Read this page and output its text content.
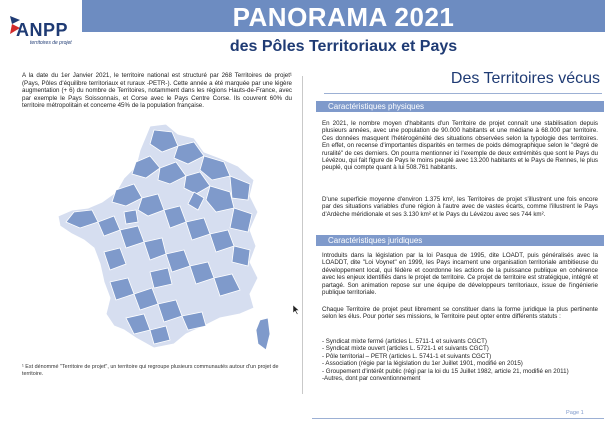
ANPP
territoires de projet
PANORAMA 2021
des Pôles Territoriaux et Pays
A la date du 1er Janvier 2021, le territoire national est structuré par 268 Territoires de projet¹ (Pays, Pôles d'équilibre territoriaux et ruraux -PETR-). Cette année a été marquée par une légère augmentation (+ 6) du nombre de Territoires, notamment dans les régions Hauts-de-France, avec par exemple le Pays Soissonnais, et Corse avec le Pays Centre Corse. Ils couvrent 60% du territoire métropolitain et concerne 45% de la population française.
¹ Est dénommé "Territoire de projet", un territoire qui regroupe plusieurs communautés autour d'un projet de territoire.
Des Territoires vécus
Caractéristiques physiques
En 2021, le nombre moyen d'habitants d'un Territoire de projet connaît une stabilisation depuis plusieurs années, avec une population de 90.000 habitants et une médiane à 68.000 par territoire. Ces données masquent l'hétérogénéité des situations observées selon la typologie des territoires. En effet, on recense d'importantes disparités en termes de poids démographique selon le "degré de ruralité" de ces derniers. On pourra mentionner ici l'exemple de deux extrémités que sont le Pays du Lévézou, qui fait figure de Pays le moins peuplé avec 13.200 habitants et le Pays de Rennes, le plus peuplé, qui compte quant à lui 508.761 habitants.
D'une superficie moyenne d'environ 1.375 km², les Territoires de projet s'illustrent une fois encore par des situations variables d'une région à l'autre avec de vastes écarts, comme l'illustrent le Pays d'Ardèche méridionale et ses 3.130 km² et le Pays du Lévézou avec ses 744 km².
Caractéristiques juridiques
Introduits dans la législation par la loi Pasqua de 1995, dite LOADT, puis généralisés avec la LOADDT, dite "Loi Voynet" en 1999, les Pays incarnent une organisation territoriale ambitieuse du développement local, qui fédère et coordonne les actions de la puissance publique en cohérence avec les enjeux identifiés dans le projet de territoire. Ce projet de territoire est stratégique, intégré et partagé. Son animation repose sur une équipe de développeurs territoriaux, issue de l'ingénierie publique territoriale.
Chaque Territoire de projet peut librement se constituer dans la forme juridique la plus pertinente selon les élus. Pour porter ses missions, le Territoire peut opter entre différents statuts :
- Syndicat mixte fermé (articles L. 5711-1 et suivants CGCT)
- Syndicat mixte ouvert (articles L. 5721-1 et suivants CGCT)
- Pôle territorial – PETR (articles L. 5741-1 et suivants CGCT)
- Association (régie par la législation du 1er Juillet 1901, modifié en 2015)
- Groupement d'intérêt public (régi par la loi du 15 Juillet 1982, article 21, modifié en 2011)
-Autres, dont par conventionnement
Page 1
